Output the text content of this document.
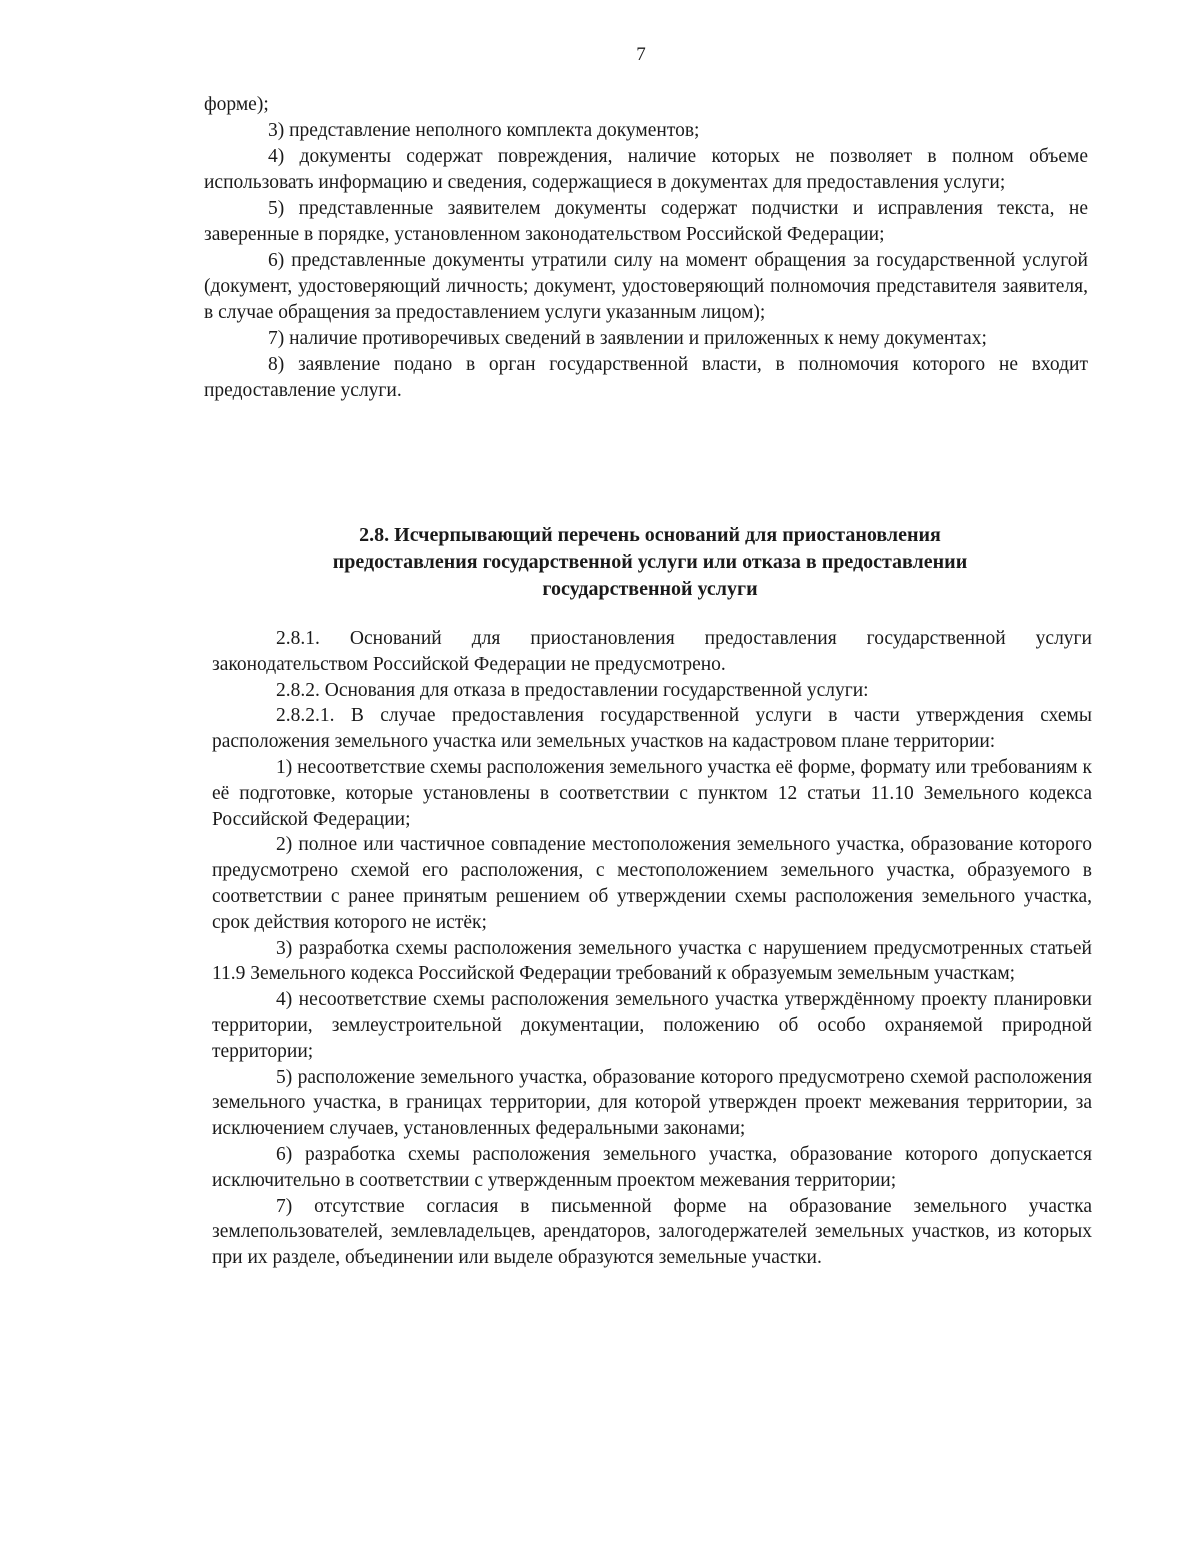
7

форме);

3) представление неполного комплекта документов;

4) документы содержат повреждения, наличие которых не позволяет в полном объеме использовать информацию и сведения, содержащиеся в документах для предоставления услуги;

5) представленные заявителем документы содержат подчистки и исправления текста, не заверенные в порядке, установленном законодательством Российской Федерации;

6) представленные документы утратили силу на момент обращения за государственной услугой (документ, удостоверяющий личность; документ, удостоверяющий полномочия представителя заявителя, в случае обращения за предоставлением услуги указанным лицом);

7) наличие противоречивых сведений в заявлении и приложенных к нему документах;

8) заявление подано в орган государственной власти, в полномочия которого не входит предоставление услуги.

2.8. Исчерпывающий перечень оснований для приостановления
предоставления государственной услуги или отказа в предоставлении
государственной услуги

2.8.1. Оснований для приостановления предоставления государственной услуги законодательством Российской Федерации не предусмотрено.

2.8.2. Основания для отказа в предоставлении государственной услуги:

2.8.2.1. В случае предоставления государственной услуги в части утверждения схемы расположения земельного участка или земельных участков на кадастровом плане территории:

1) несоответствие схемы расположения земельного участка её форме, формату или требованиям к её подготовке, которые установлены в соответствии с пунктом 12 статьи 11.10 Земельного кодекса Российской Федерации;

2) полное или частичное совпадение местоположения земельного участка, образование которого предусмотрено схемой его расположения, с местоположением земельного участка, образуемого в соответствии с ранее принятым решением об утверждении схемы расположения земельного участка, срок действия которого не истёк;

3) разработка схемы расположения земельного участка с нарушением предусмотренных статьей 11.9 Земельного кодекса Российской Федерации требований к образуемым земельным участкам;

4) несоответствие схемы расположения земельного участка утверждённому проекту планировки территории, землеустроительной документации, положению об особо охраняемой природной территории;

5) расположение земельного участка, образование которого предусмотрено схемой расположения земельного участка, в границах территории, для которой утвержден проект межевания территории, за исключением случаев, установленных федеральными законами;

6) разработка схемы расположения земельного участка, образование которого допускается исключительно в соответствии с утвержденным проектом межевания территории;

7) отсутствие согласия в письменной форме на образование земельного участка землепользователей, землевладельцев, арендаторов, залогодержателей земельных участков, из которых при их разделе, объединении или выделе образуются земельные участки.
